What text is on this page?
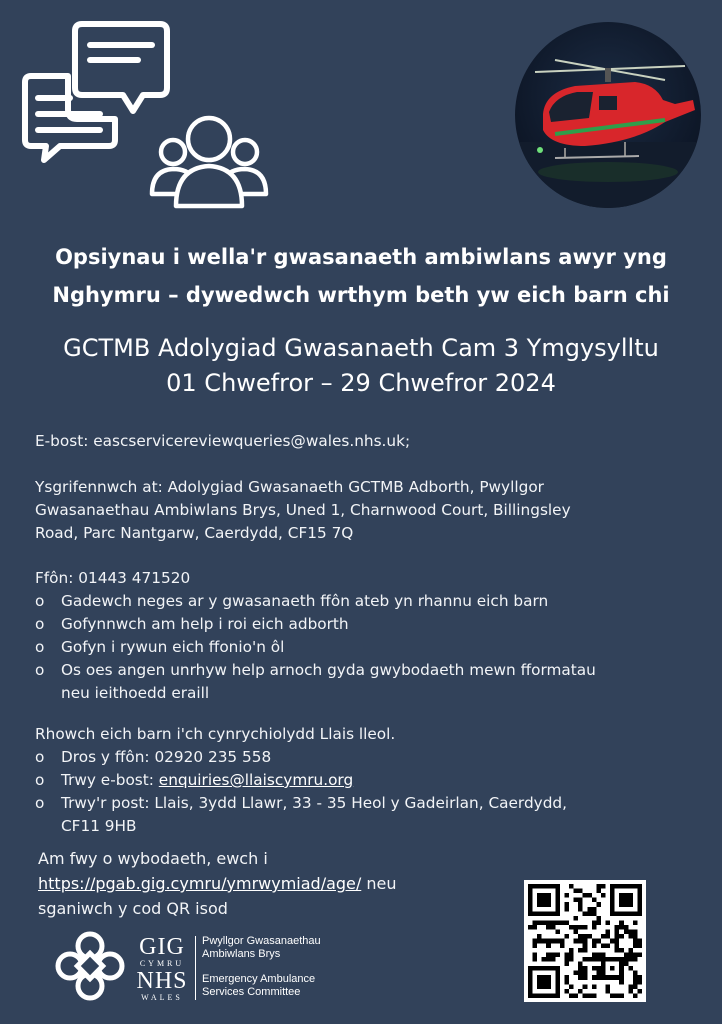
Opsiynau i wella'r gwasanaeth ambiwlans awyr yng
Nghymru – dywedwch wrthym beth yw eich barn chi
GCTMB Adolygiad Gwasanaeth Cam 3 Ymgysylltu
01 Chwefror – 29 Chwefror 2024
E-bost: eascservicereviewqueries@wales.nhs.uk;
Ysgrifennwch at: Adolygiad Gwasanaeth GCTMB Adborth, Pwyllgor
Gwasanaethau Ambiwlans Brys, Uned 1, Charnwood Court, Billingsley
Road, Parc Nantgarw, Caerdydd, CF15 7Q
Ffôn: 01443 471520
o Gadewch neges ar y gwasanaeth ffôn ateb yn rhannu eich barn
o Gofynnwch am help i roi eich adborth
o Gofyn i rywun eich ffonio'n ôl
o Os oes angen unrhyw help arnoch gyda gwybodaeth mewn fformatau
neu ieithoedd eraill
Rhowch eich barn i'ch cynrychiolydd Llais lleol.
o Dros y ffôn: 02920 235 558
o Trwy e-bost: enquiries@llaiscymru.org
o Trwy'r post: Llais, 3ydd Llawr, 33 - 35 Heol y Gadeirlan, Caerdydd,
CF11 9HB
Am fwy o wybodaeth, ewch i
https://pgab.gig.cymru/ymrwymiad/age/ neu
sganiwch y cod QR isod
GIG
CYMRU
NHS
WALES
Pwyllgor Gwasanaethau
Ambiwlans Brys
Emergency Ambulance
Services Committee
